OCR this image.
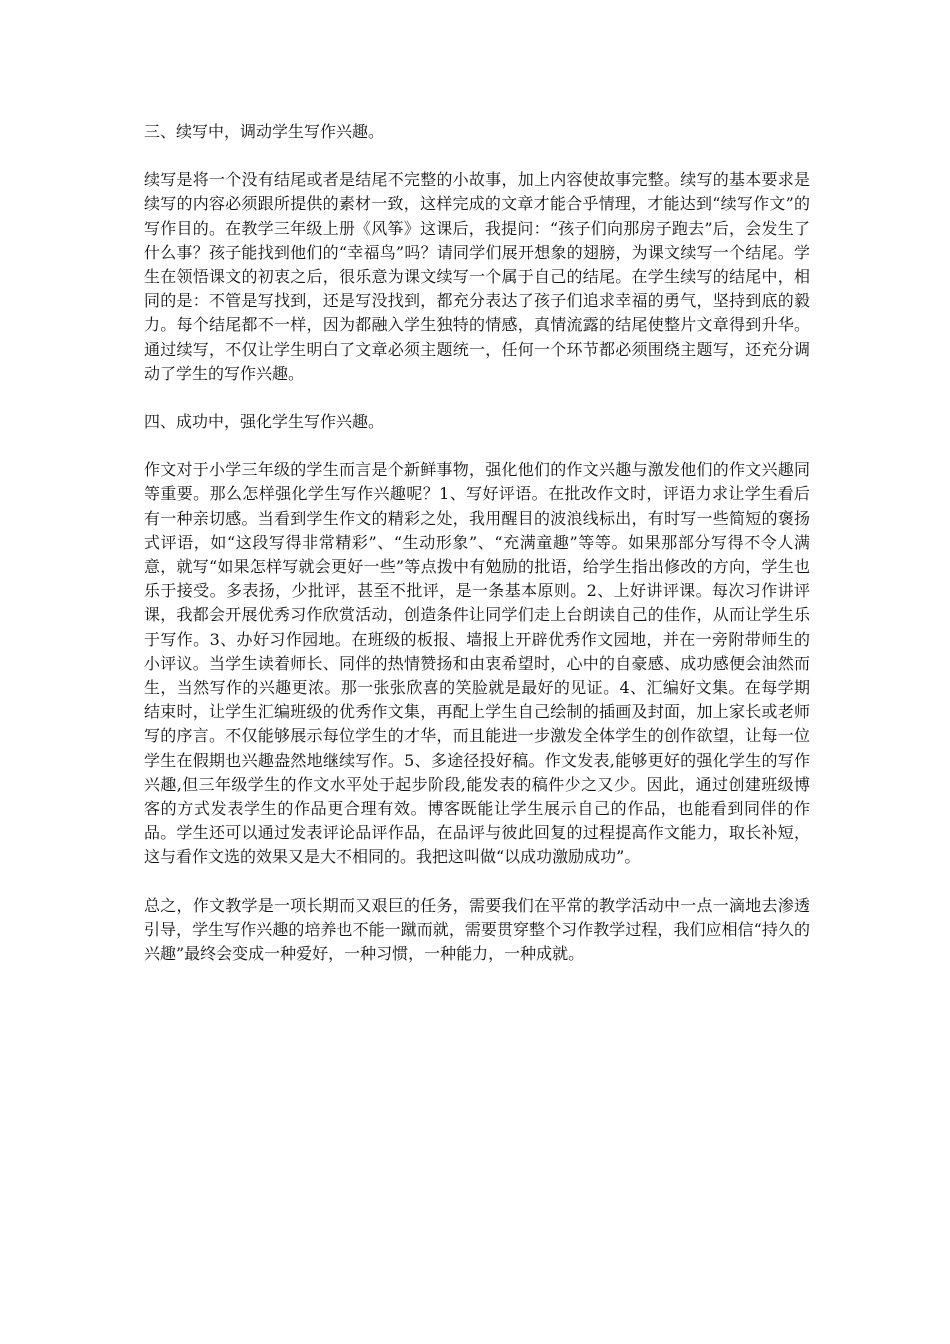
三、续写中，调动学生写作兴趣。

续写是将一个没有结尾或者是结尾不完整的小故事，加上内容使故事完整。续写的基本要求是续写的内容必须跟所提供的素材一致，这样完成的文章才能合乎情理，才能达到“续写作文”的写作目的。在教学三年级上册《风筝》这课后，我提问：“孩子们向那房子跑去”后，会发生了什么事？孩子能找到他们的“幸福鸟”吗？请同学们展开想象的翅膀，为课文续写一个结尾。学生在领悟课文的初衷之后，很乐意为课文续写一个属于自己的结尾。在学生续写的结尾中，相同的是：不管是写找到，还是写没找到，都充分表达了孩子们追求幸福的勇气，坚持到底的毅力。每个结尾都不一样，因为都融入学生独特的情感，真情流露的结尾使整片文章得到升华。通过续写，不仅让学生明白了文章必须主题统一，任何一个环节都必须围绕主题写，还充分调动了学生的写作兴趣。

四、成功中，强化学生写作兴趣。

作文对于小学三年级的学生而言是个新鲜事物，强化他们的作文兴趣与激发他们的作文兴趣同等重要。那么怎样强化学生写作兴趣呢？1、写好评语。在批改作文时，评语力求让学生看后有一种亲切感。当看到学生作文的精彩之处，我用醒目的波浪线标出，有时写一些简短的褒扬式评语，如“这段写得非常精彩”、“生动形象”、“充满童趣”等等。如果那部分写得不令人满意，就写“如果怎样写就会更好一些”等点拨中有勉励的批语，给学生指出修改的方向，学生也乐于接受。多表扬，少批评，甚至不批评，是一条基本原则。2、上好讲评课。每次习作讲评课，我都会开展优秀习作欣赏活动，创造条件让同学们走上台朗读自己的佳作，从而让学生乐于写作。3、办好习作园地。在班级的板报、墙报上开辟优秀作文园地，并在一旁附带师生的小评议。当学生读着师长、同伴的热情赞扬和由衷希望时，心中的自豪感、成功感便会油然而生，当然写作的兴趣更浓。那一张张欣喜的笑脸就是最好的见证。4、汇编好文集。在每学期结束时，让学生汇编班级的优秀作文集，再配上学生自己绘制的插画及封面，加上家长或老师写的序言。不仅能够展示每位学生的才华，而且能进一步激发全体学生的创作欲望，让每一位学生在假期也兴趣盎然地继续写作。5、多途径投好稿。作文发表,能够更好的强化学生的写作兴趣,但三年级学生的作文水平处于起步阶段,能发表的稿件少之又少。因此，通过创建班级博客的方式发表学生的作品更合理有效。博客既能让学生展示自己的作品，也能看到同伴的作品。学生还可以通过发表评论品评作品，在品评与彼此回复的过程提高作文能力，取长补短，这与看作文选的效果又是大不相同的。我把这叫做“以成功激励成功”。

总之，作文教学是一项长期而又艰巨的任务，需要我们在平常的教学活动中一点一滴地去渗透引导，学生写作兴趣的培养也不能一蹴而就，需要贯穿整个习作教学过程，我们应相信“持久的兴趣”最终会变成一种爱好，一种习惯，一种能力，一种成就。
